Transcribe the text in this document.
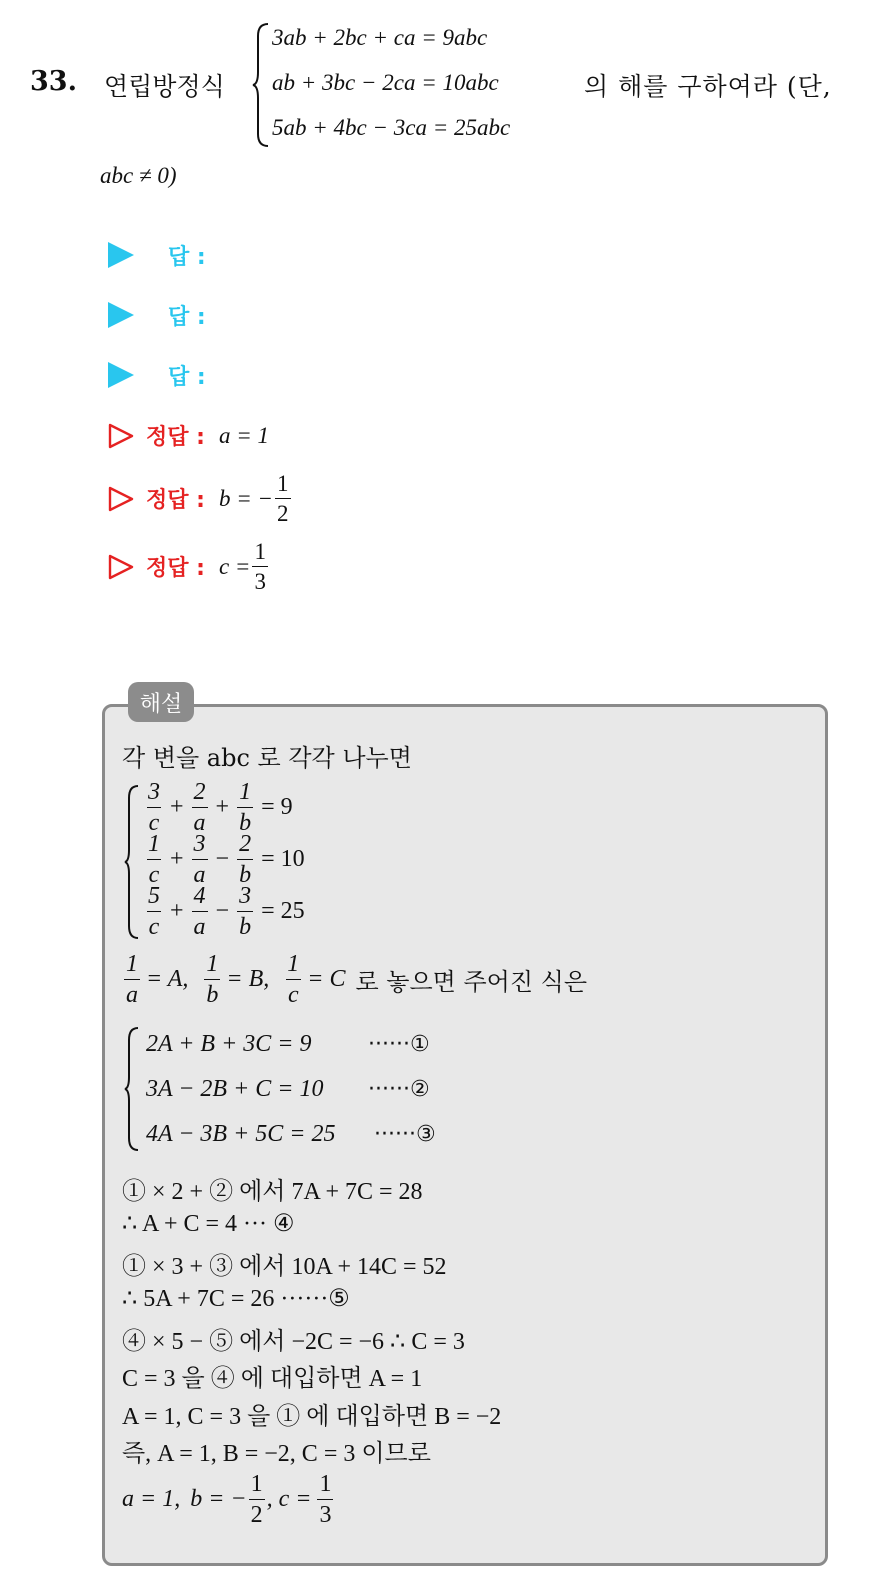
33. 연립방정식
3ab + 2bc + ca = 9abc
ab + 3bc − 2ca = 10abc
5ab + 4bc − 3ca = 25abc
의 해를 구하여라 (단,
abc ≠ 0)
답 :
답 :
답 :
정답 : a = 1
정답 : b = − $\frac{1}{2}$
정답 : $c = \frac{1}{3}$
해설
각 변을 abc 로 각각 나누면
$\frac{3}{c} + \frac{2}{a} + \frac{1}{b} = 9$
$\frac{1}{c} + \frac{3}{a} - \frac{2}{b} = 10$
$\frac{5}{c} + \frac{4}{a} - \frac{3}{b} = 25$
$\frac{1}{a} = A$, $\frac{1}{b} = B$, $\frac{1}{c} = C$ 로 놓으면 주어진 식은
2A + B + 3C = 9	······①
3A − 2B + C = 10	······②
4A − 3B + 5C = 25	······③
① × 2 + ② 에서 7A + 7C = 28
∴ A + C = 4 ··· ④
① × 3 + ③ 에서 10A + 14C = 52
∴ 5A + 7C = 26 ······⑤
④ × 5 − ⑤ 에서 −2C = −6 ∴ C = 3
C = 3 을 ④ 에 대입하면 A = 1
A = 1, C = 3 을 ① 에 대입하면 B = −2
즉, A = 1, B = −2, C = 3 이므로
a = 1, b = − $\frac{1}{2}$ , $c = \frac{1}{3}$
